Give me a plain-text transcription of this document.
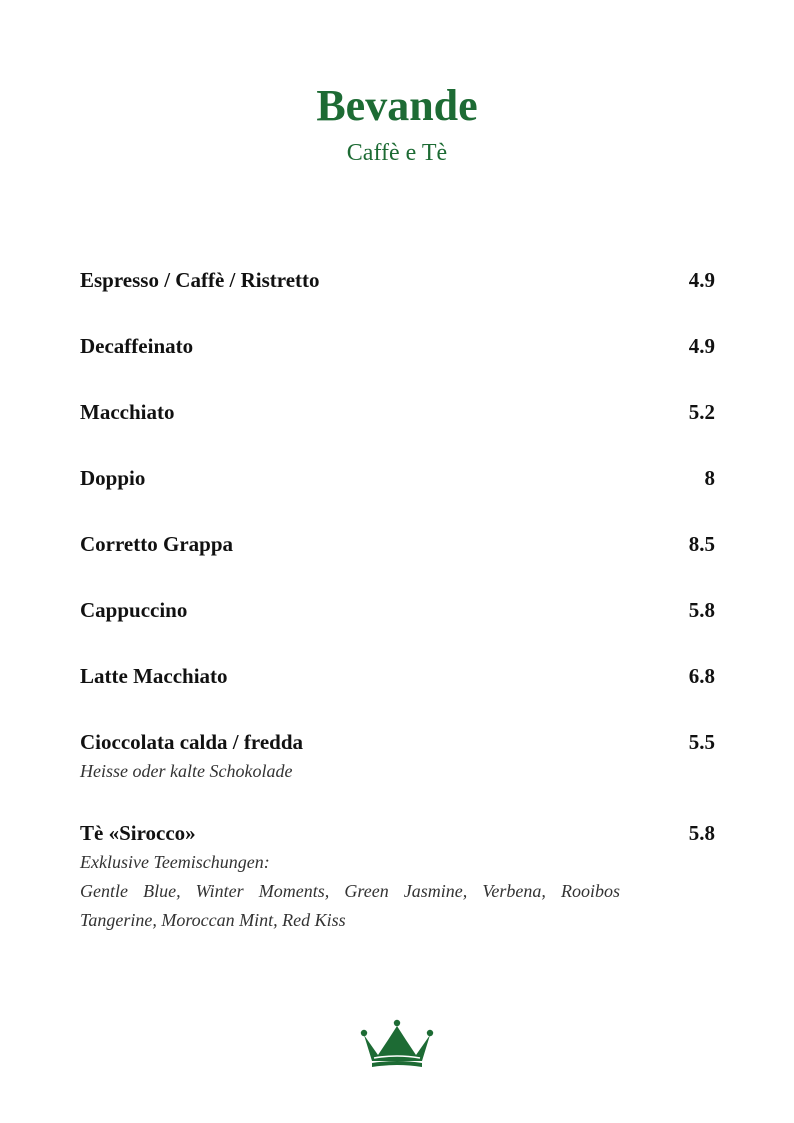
Bevande
Caffè e Tè
Espresso / Caffè / Ristretto	4.9
Decaffeinato	4.9
Macchiato	5.2
Doppio	8
Corretto Grappa	8.5
Cappuccino	5.8
Latte Macchiato	6.8
Cioccolata calda / fredda	5.5
Heisse oder kalte Schokolade
Tè «Sirocco»	5.8
Exklusive Teemischungen:
Gentle Blue, Winter Moments, Green Jasmine, Verbena, Rooibos Tangerine, Moroccan Mint, Red Kiss
